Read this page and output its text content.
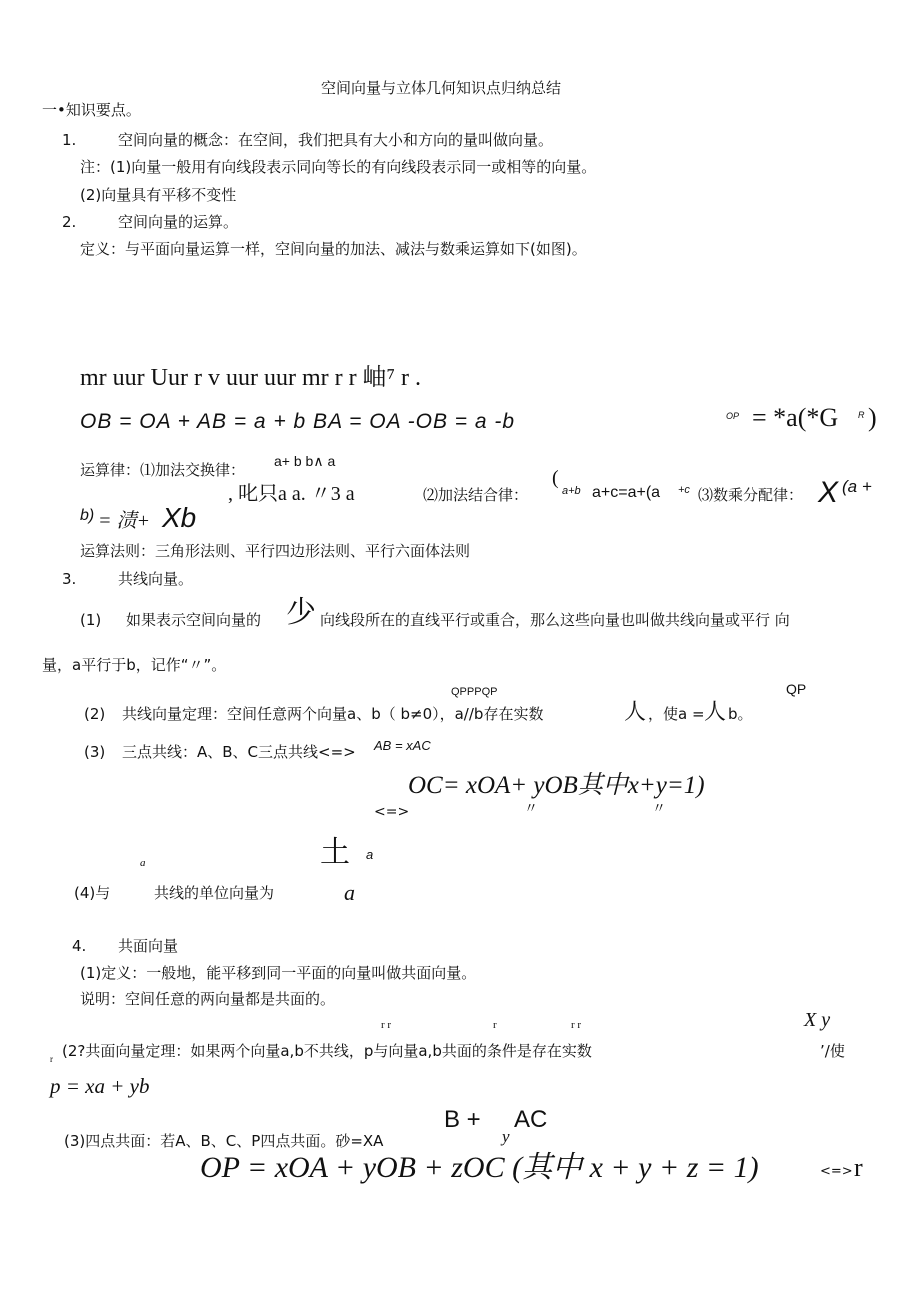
空间向量与立体几何知识点归纳总结
一•知识要点。
1.	空间向量的概念：在空间，我们把具有大小和方向的量叫做向量。
注：(1)向量一般用有向线段表示同向等长的有向线段表示同一或相等的向量。
(2)向量具有平移不变性
2.	空间向量的运算。
定义：与平面向量运算一样，空间向量的加法、减法与数乘运算如下(如图)。
mr uur Uur r v uur uur mr r r 岫⁷ r .
OB = OA + AB = a + b BA = OA -OB = a -b	OP = *a(*G R )
运算律：⑴加法交换律： a+ b b∧ a
, 叱只a a. 〃3 a	⑵加法结合律：
(
a+b a+c=a+(a +c ⑶数乘分配律： X (a +
b) = 渍+ Xb
运算法则：三角形法则、平行四边形法则、平行六面体法则
3.	共线向量。
(1) 如果表示空间向量的 少 向线段所在的直线平行或重合，那么这些向量也叫做共线向量或平行 向
量，a平行于b，记作“〃”。
QPPPQP	QP
(2) 共线向量定理：空间任意两个向量a、b（ b≠0），a//b存在实数	人 ，使a = 人 b。
(3) 三点共线：A、B、C三点共线<=> AB = xAC
<=>
OC= xOA+ yOB其中x+y=1)
〃	〃
a	土 a
(4)与	共线的单位向量为	a
4. 共面向量
(1)定义：一般地，能平移到同一平面的向量叫做共面向量。
说明：空间任意的两向量都是共面的。
r r	r	r r	X y
r (2?共面向量定理：如果两个向量a,b不共线，p与向量a,b共面的条件是存在实数	’/使
p = xa + yb
(3)四点共面：若A、B、C、P四点共面。砂=XA
B +
y
AC
OP = xOA + yOB + zOC (其中 x + y + z = 1)	<=> r
